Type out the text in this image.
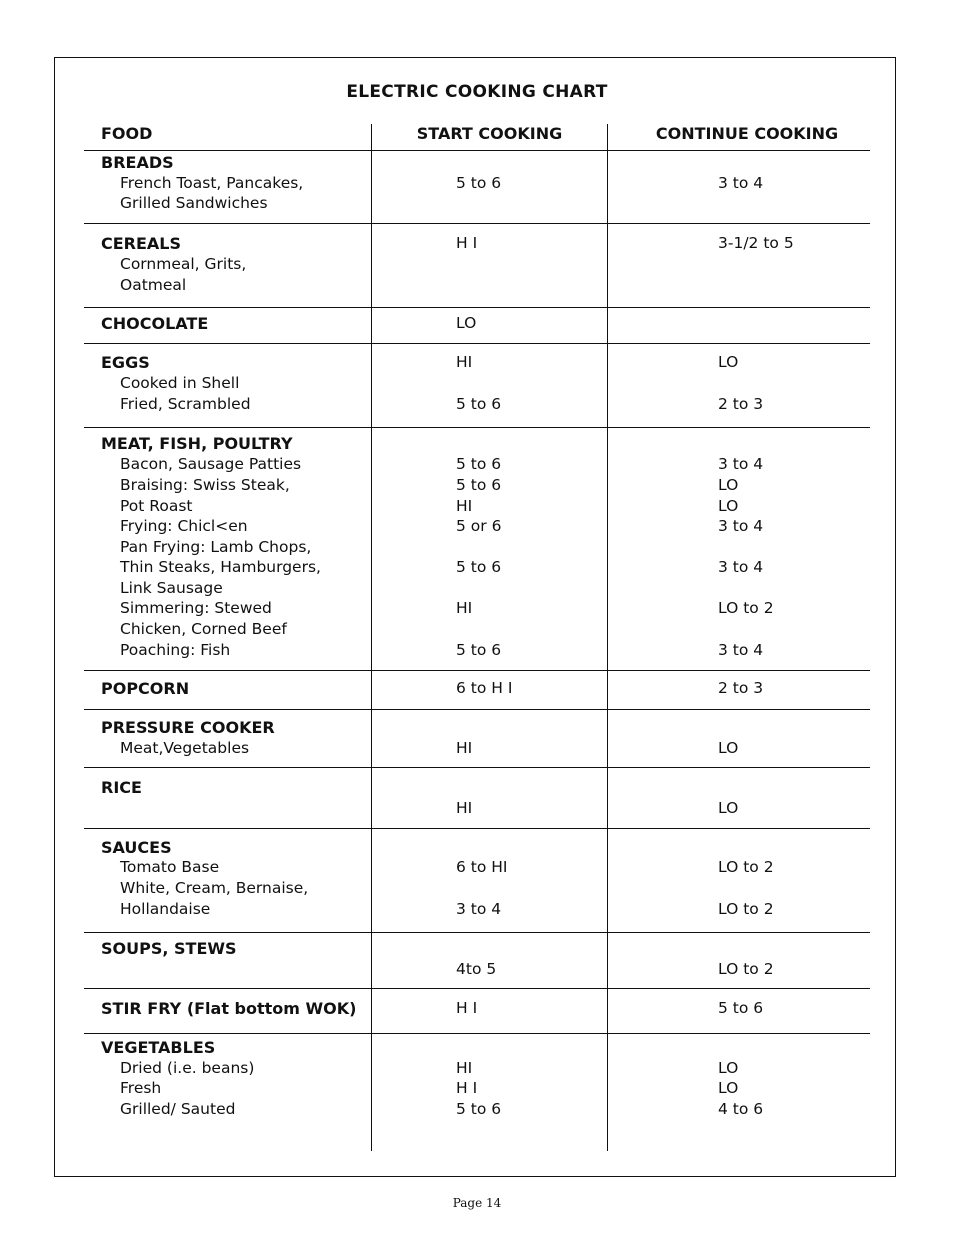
ELECTRIC COOKING CHART
FOOD	START COOKING	CONTINUE COOKING
BREADS
French Toast, Pancakes,	5 to 6	3 to 4
Grilled Sandwiches
CEREALS	H I	3-1/2 to 5
Cornmeal, Grits,
Oatmeal
CHOCOLATE	LO
EGGS	HI	LO
Cooked in Shell
Fried, Scrambled	5 to 6	2 to 3
MEAT, FISH, POULTRY
Bacon, Sausage Patties	5 to 6	3 to 4
Braising: Swiss Steak,	5 to 6	LO
Pot Roast	HI	LO
Frying: Chicl<en	5 or 6	3 to 4
Pan Frying: Lamb Chops,
Thin Steaks, Hamburgers,	5 to 6	3 to 4
Link Sausage
Simmering: Stewed	HI	LO to 2
Chicken, Corned Beef
Poaching: Fish	5 to 6	3 to 4
POPCORN	6 to H I	2 to 3
PRESSURE COOKER
Meat,Vegetables	HI	LO
RICE
HI	LO
SAUCES
Tomato Base	6 to HI	LO to 2
White, Cream, Bernaise,
Hollandaise	3 to 4	LO to 2
SOUPS, STEWS
4to 5	LO to 2
STIR FRY (Flat bottom WOK)	H I	5 to 6
VEGETABLES
Dried (i.e. beans)	HI	LO
Fresh	H I	LO
Grilled/ Sauted	5 to 6	4 to 6
Page 14
